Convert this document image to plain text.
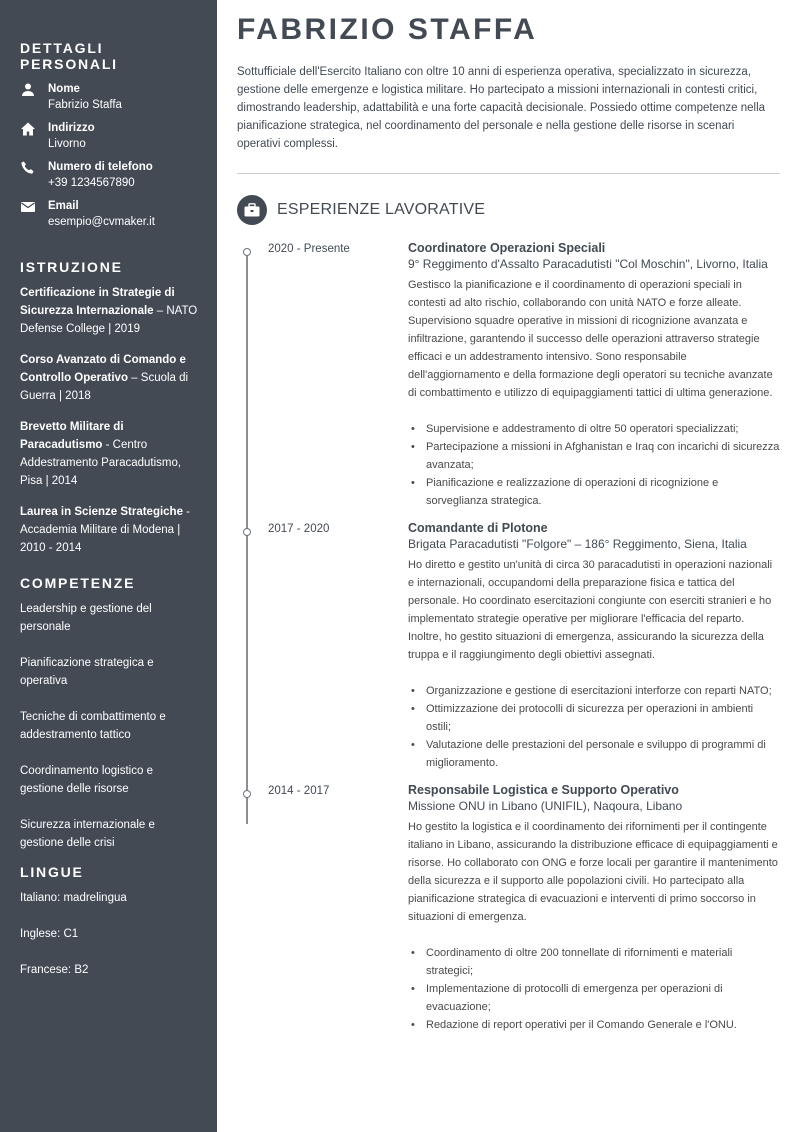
DETTAGLI PERSONALI
Nome
Fabrizio Staffa
Indirizzo
Livorno
Numero di telefono
+39 1234567890
Email
esempio@cvmaker.it
ISTRUZIONE
Certificazione in Strategie di Sicurezza Internazionale – NATO Defense College | 2019
Corso Avanzato di Comando e Controllo Operativo – Scuola di Guerra | 2018
Brevetto Militare di Paracadutismo - Centro Addestramento Paracadutismo, Pisa | 2014
Laurea in Scienze Strategiche - Accademia Militare di Modena | 2010 - 2014
COMPETENZE
Leadership e gestione del personale
Pianificazione strategica e operativa
Tecniche di combattimento e addestramento tattico
Coordinamento logistico e gestione delle risorse
Sicurezza internazionale e gestione delle crisi
LINGUE
Italiano: madrelingua
Inglese: C1
Francese: B2
FABRIZIO STAFFA
Sottufficiale dell'Esercito Italiano con oltre 10 anni di esperienza operativa, specializzato in sicurezza, gestione delle emergenze e logistica militare. Ho partecipato a missioni internazionali in contesti critici, dimostrando leadership, adattabilità e una forte capacità decisionale. Possiedo ottime competenze nella pianificazione strategica, nel coordinamento del personale e nella gestione delle risorse in scenari operativi complessi.
ESPERIENZE LAVORATIVE
2020 - Presente	Coordinatore Operazioni Speciali
9° Reggimento d'Assalto Paracadutisti "Col Moschin", Livorno, Italia
Gestisco la pianificazione e il coordinamento di operazioni speciali in contesti ad alto rischio, collaborando con unità NATO e forze alleate. Supervisiono squadre operative in missioni di ricognizione avanzata e infiltrazione, garantendo il successo delle operazioni attraverso strategie efficaci e un addestramento intensivo. Sono responsabile dell'aggiornamento e della formazione degli operatori su tecniche avanzate di combattimento e utilizzo di equipaggiamenti tattici di ultima generazione.
• Supervisione e addestramento di oltre 50 operatori specializzati;
• Partecipazione a missioni in Afghanistan e Iraq con incarichi di sicurezza avanzata;
• Pianificazione e realizzazione di operazioni di ricognizione e sorveglianza strategica.
2017 - 2020	Comandante di Plotone
Brigata Paracadutisti "Folgore" – 186° Reggimento, Siena, Italia
Ho diretto e gestito un'unità di circa 30 paracadutisti in operazioni nazionali e internazionali, occupandomi della preparazione fisica e tattica del personale. Ho coordinato esercitazioni congiunte con eserciti stranieri e ho implementato strategie operative per migliorare l'efficacia del reparto. Inoltre, ho gestito situazioni di emergenza, assicurando la sicurezza della truppa e il raggiungimento degli obiettivi assegnati.
• Organizzazione e gestione di esercitazioni interforze con reparti NATO;
• Ottimizzazione dei protocolli di sicurezza per operazioni in ambienti ostili;
• Valutazione delle prestazioni del personale e sviluppo di programmi di miglioramento.
2014 - 2017	Responsabile Logistica e Supporto Operativo
Missione ONU in Libano (UNIFIL), Naqoura, Libano
Ho gestito la logistica e il coordinamento dei rifornimenti per il contingente italiano in Libano, assicurando la distribuzione efficace di equipaggiamenti e risorse. Ho collaborato con ONG e forze locali per garantire il mantenimento della sicurezza e il supporto alle popolazioni civili. Ho partecipato alla pianificazione strategica di evacuazioni e interventi di primo soccorso in situazioni di emergenza.
• Coordinamento di oltre 200 tonnellate di rifornimenti e materiali strategici;
• Implementazione di protocolli di emergenza per operazioni di evacuazione;
• Redazione di report operativi per il Comando Generale e l'ONU.
